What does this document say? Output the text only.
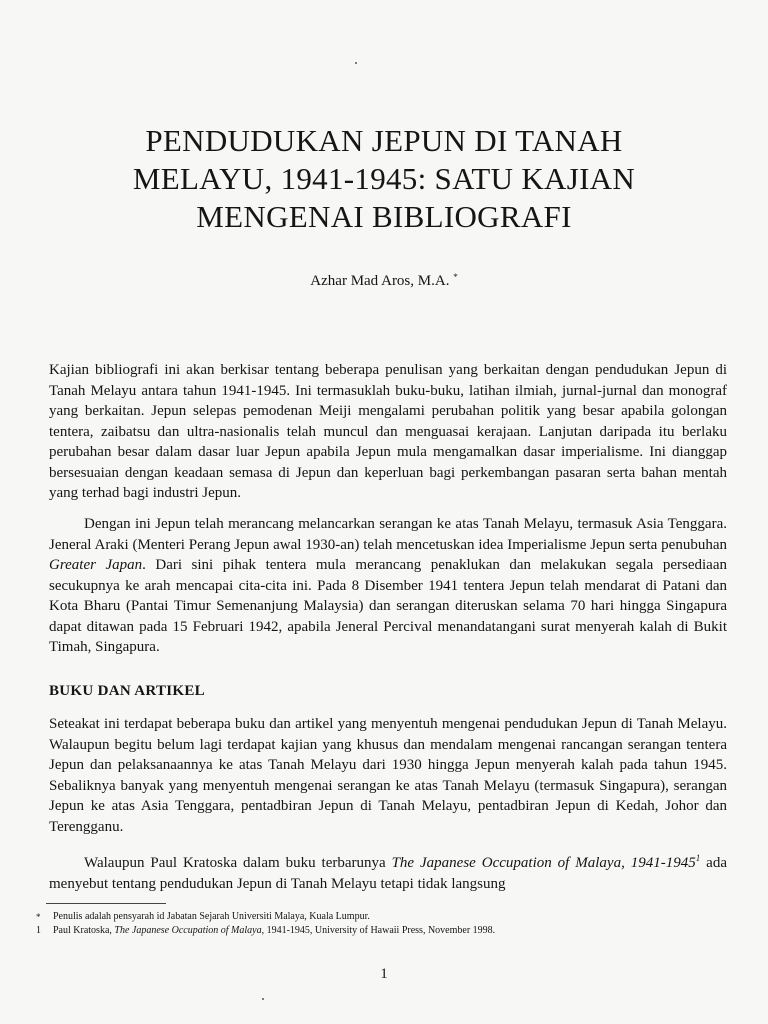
PENDUDUKAN JEPUN DI TANAH
MELAYU, 1941-1945: SATU KAJIAN
MENGENAI BIBLIOGRAFI
Azhar Mad Aros, M.A. *

Kajian bibliografi ini akan berkisar tentang beberapa penulisan yang berkaitan dengan pendudukan Jepun di Tanah Melayu antara tahun 1941-1945. Ini termasuklah buku-buku, latihan ilmiah, jurnal-jurnal dan monograf yang berkaitan. Jepun selepas pemodenan Meiji mengalami perubahan politik yang besar apabila golongan tentera, zaibatsu dan ultra-nasionalis telah muncul dan menguasai kerajaan. Lanjutan daripada itu berlaku perubahan besar dalam dasar luar Jepun apabila Jepun mula mengamalkan dasar imperialisme. Ini dianggap bersesuaian dengan keadaan semasa di Jepun dan keperluan bagi perkembangan pasaran serta bahan mentah yang terhad bagi industri Jepun.

Dengan ini Jepun telah merancang melancarkan serangan ke atas Tanah Melayu, termasuk Asia Tenggara. Jeneral Araki (Menteri Perang Jepun awal 1930-an) telah mencetuskan idea Imperialisme Jepun serta penubuhan Greater Japan. Dari sini pihak tentera mula merancang penaklukan dan melakukan segala persediaan secukupnya ke arah mencapai cita-cita ini. Pada 8 Disember 1941 tentera Jepun telah mendarat di Patani dan Kota Bharu (Pantai Timur Semenanjung Malaysia) dan serangan diteruskan selama 70 hari hingga Singapura dapat ditawan pada 15 Februari 1942, apabila Jeneral Percival menandatangani surat menyerah kalah di Bukit Timah, Singapura.

BUKU DAN ARTIKEL

Seteakat ini terdapat beberapa buku dan artikel yang menyentuh mengenai pendudukan Jepun di Tanah Melayu. Walaupun begitu belum lagi terdapat kajian yang khusus dan mendalam mengenai rancangan serangan tentera Jepun dan pelaksanaannya ke atas Tanah Melayu dari 1930 hingga Jepun menyerah kalah pada tahun 1945. Sebaliknya banyak yang menyentuh mengenai serangan ke atas Tanah Melayu (termasuk Singapura), serangan Jepun ke atas Asia Tenggara, pentadbiran Jepun di Tanah Melayu, pentadbiran Jepun di Kedah, Johor dan Terengganu.

Walaupun Paul Kratoska dalam buku terbarunya The Japanese Occupation of Malaya, 1941-1945$^1$ ada menyebut tentang pendudukan Jepun di Tanah Melayu tetapi tidak langsung

*	Penulis adalah pensyarah id Jabatan Sejarah Universiti Malaya, Kuala Lumpur.
1	Paul Kratoska, The Japanese Occupation of Malaya, 1941-1945, University of Hawaii Press, November 1998.
1
